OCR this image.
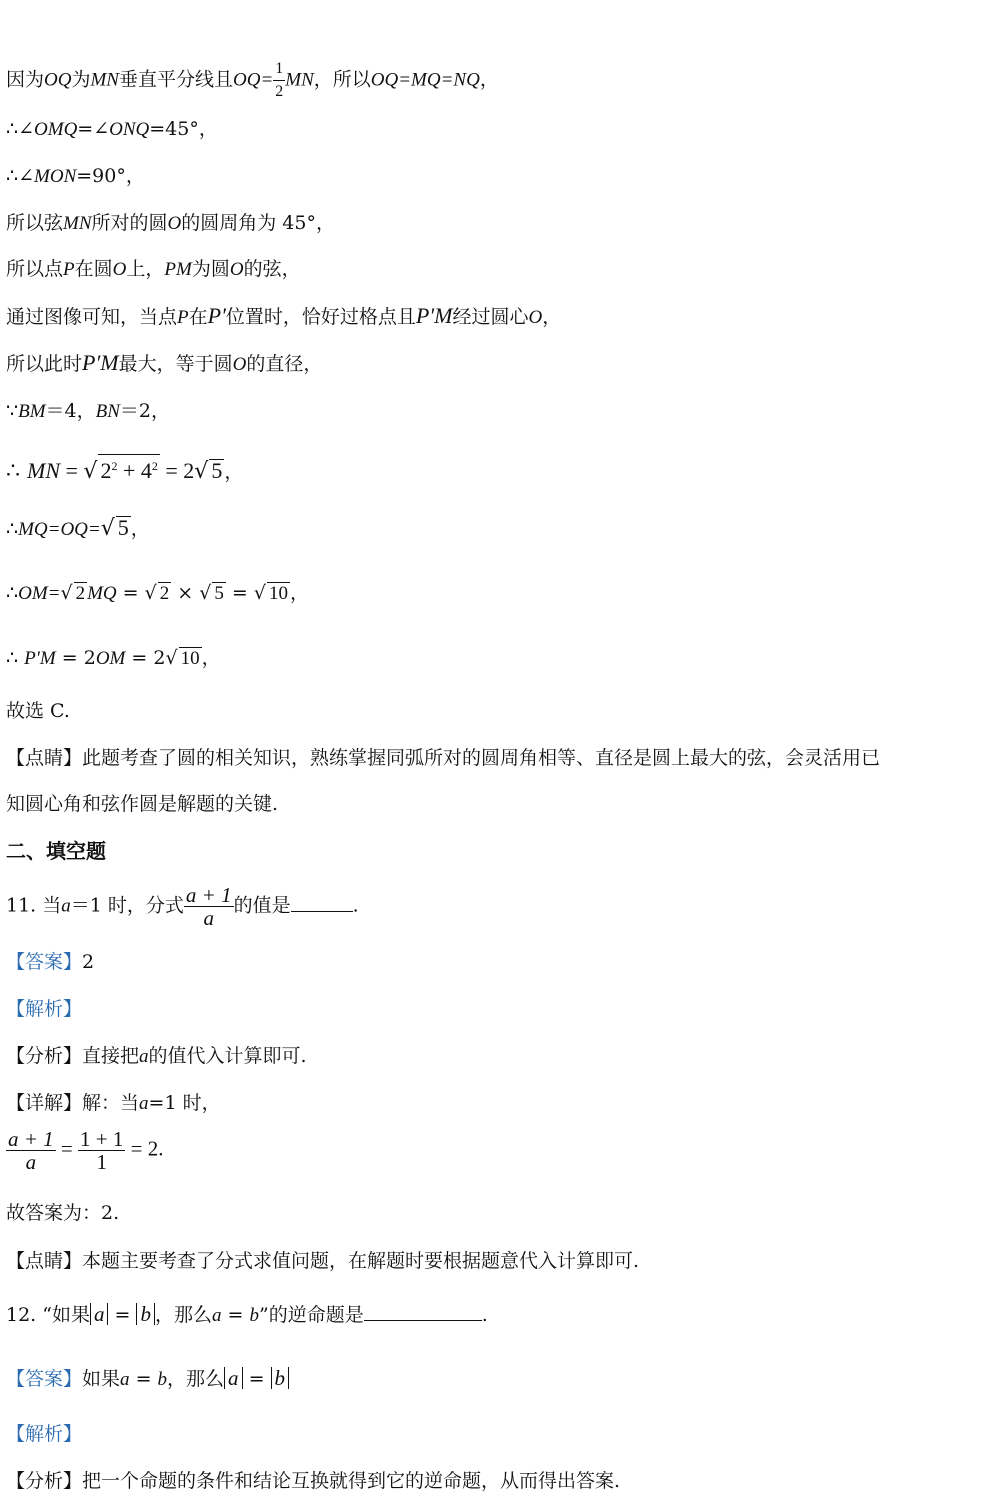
因为OQ为MN垂直平分线且$OQ= \frac{1}{2}$ MN，所以OQ=MQ=NQ，
∴∠OMQ=∠ONQ=45°，
∴∠MON=90°，
所以弦MN所对的圆O的圆周角为 45°，
所以点P在圆O上，PM为圆O的弦，
通过图像可知，当点P在P′位置时，恰好过格点且P′M经过圆心O，
所以此时P′M最大，等于圆O的直径，
∵BM＝4，BN＝2，
∴ MN = √ $2^2 + 4^2 = 2√$ 5 ，
∴MQ=OQ=√ 5 ，
∴OM=√ 2 MQ = √ 2 × √ 5 = √ 10 ，
∴ P′M = 2OM = 2√ 10 ，
故选 C.
【点睛】此题考查了圆的相关知识，熟练掌握同弧所对的圆周角相等、直径是圆上最大的弦，会灵活用已
知圆心角和弦作圆是解题的关键.
二、填空题
11. 当a＝1 时，分式 $\frac{a + 1}{a}$ 的值是	.
【答案】2
【解析】
【分析】直接把a的值代入计算即可.
【详解】解：当a=1 时，
$\frac{a + 1}{a} = \frac{1 + 1}{1} = 2$.
故答案为：2.
【点睛】本题主要考查了分式求值问题，在解题时要根据题意代入计算即可.
12. “如果 a = b ，那么a = b”的逆命题是	.
【答案】如果a = b，那么 a = b
【解析】
【分析】把一个命题的条件和结论互换就得到它的逆命题，从而得出答案.
